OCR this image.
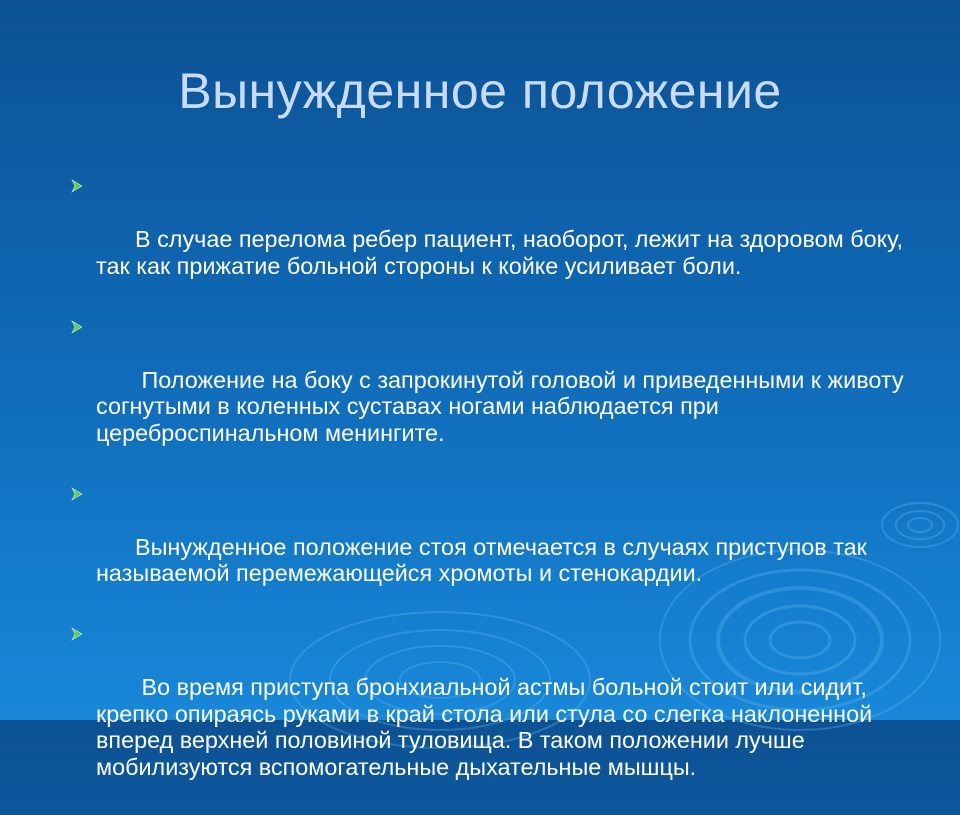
Вынужденное положение

В случае перелома ребер пациент, наоборот, лежит на здоровом боку, так как прижатие больной стороны к койке усиливает боли.

Положение на боку с запрокинутой головой и приведенными к животу согнутыми в коленных суставах ногами наблюдается при цереброспинальном менингите.

Вынужденное положение стоя отмечается в случаях приступов так называемой перемежающейся хромоты и стенокардии.

Во время приступа бронхиальной астмы больной стоит или сидит, крепко опираясь руками в край стола или стула со слегка наклоненной вперед верхней половиной туловища. В таком положении лучше мобилизуются вспомогательные дыхательные мышцы.
